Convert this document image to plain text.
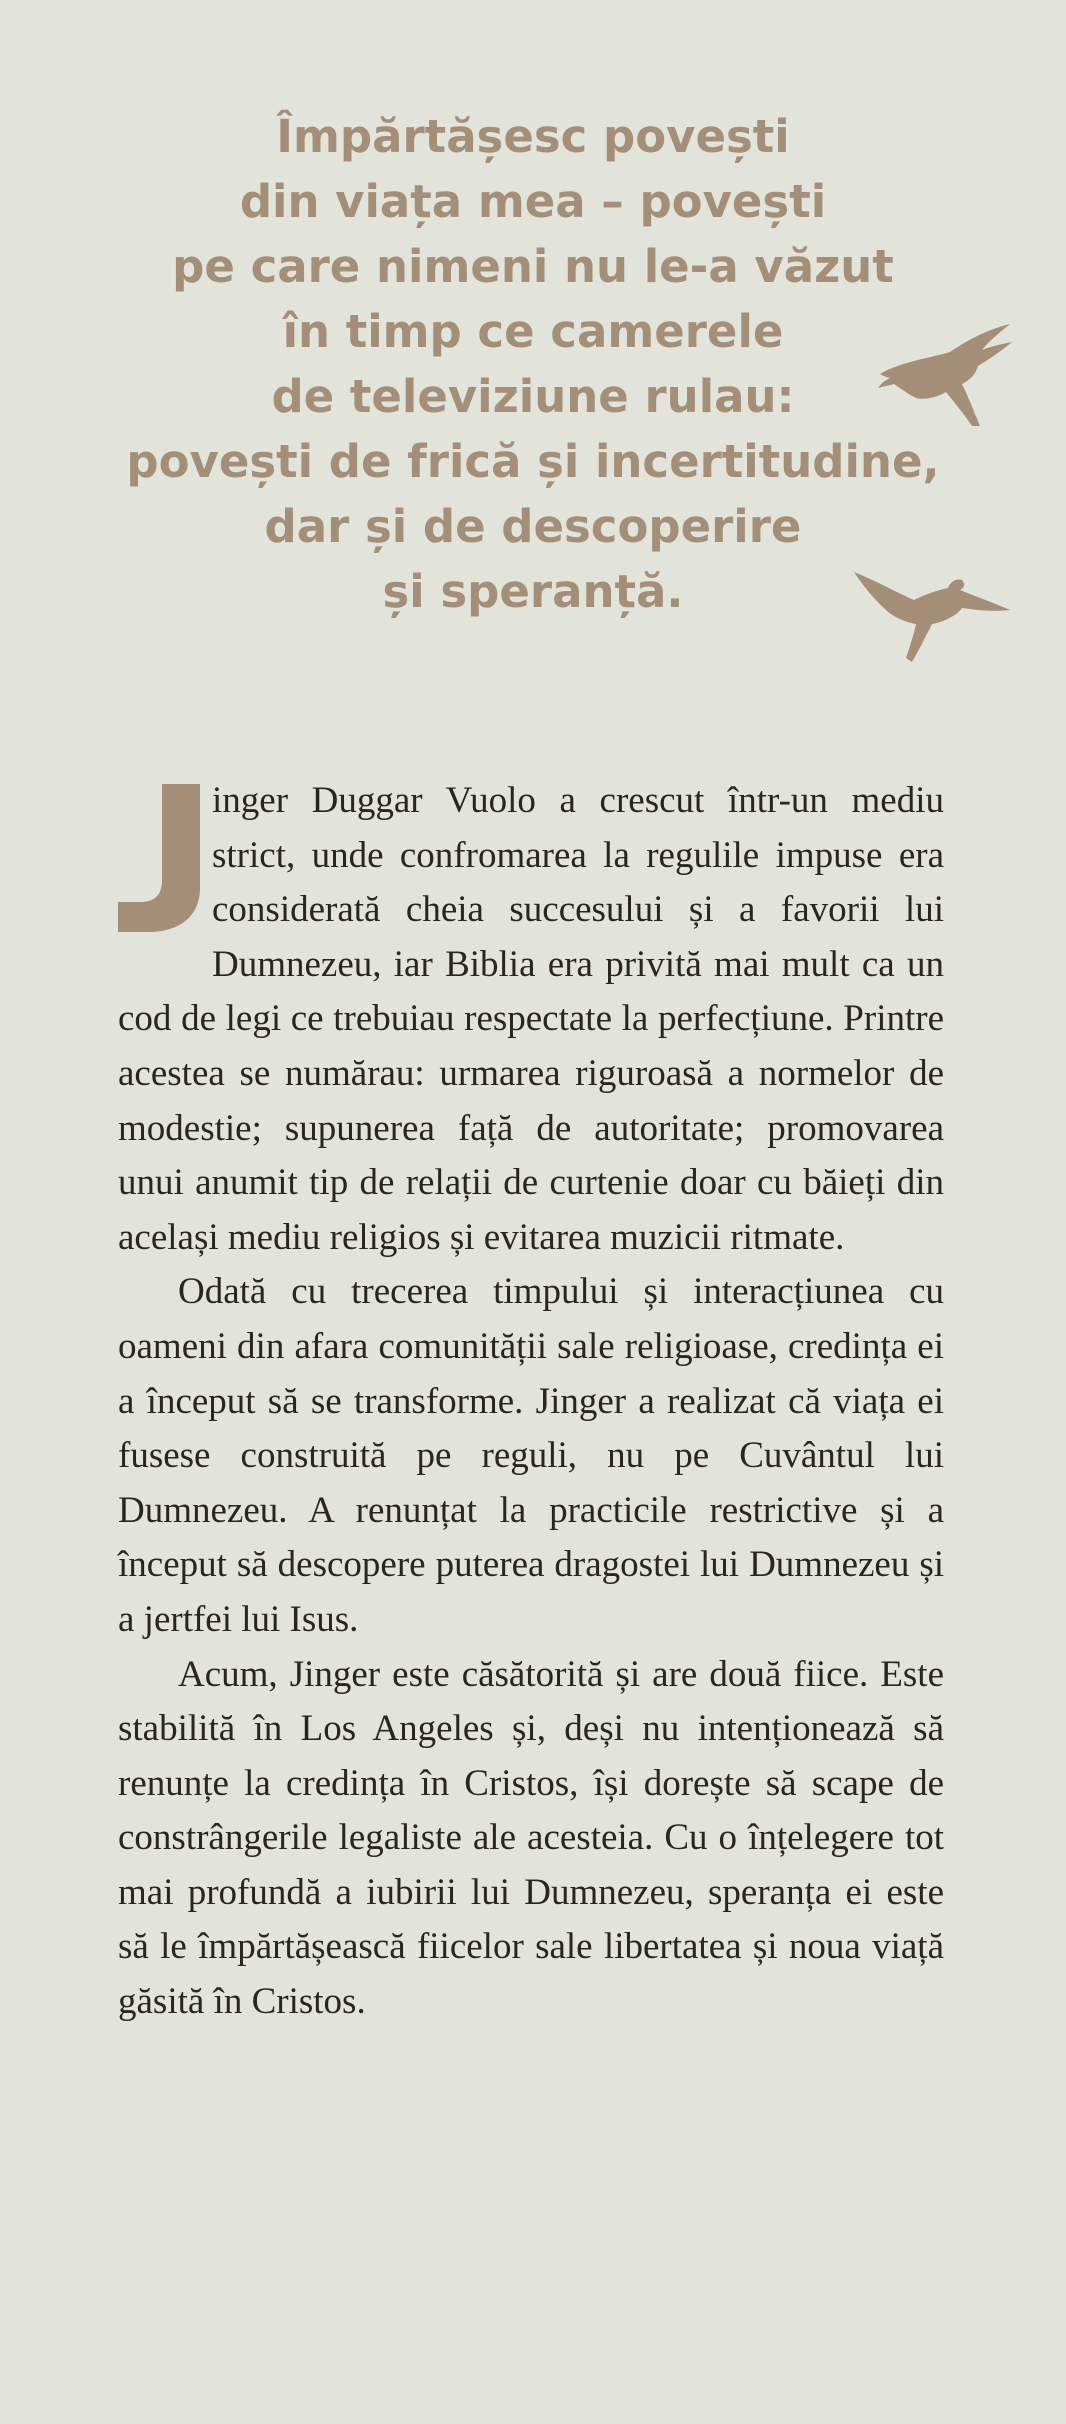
Împărtășesc povești
din viața mea – povești
pe care nimeni nu le-a văzut
în timp ce camerele
de televiziune rulau:
povești de frică și incertitudine,
dar și de descoperire
și speranță.

inger Duggar Vuolo a crescut într-un mediu strict, unde confromarea la regulile impuse era considerată cheia succesului și a favorii lui Dumnezeu, iar Biblia era privită mai mult ca un cod de legi ce trebuiau respectate la perfecțiune. Printre acestea se numărau: urmarea riguroasă a normelor de modestie; supunerea față de autoritate; promovarea unui anumit tip de relații de curtenie doar cu băieți din același mediu religios și evitarea muzicii ritmate.

Odată cu trecerea timpului și interacțiunea cu oameni din afara comunității sale religioase, credința ei a început să se transforme. Jinger a realizat că viața ei fusese construită pe reguli, nu pe Cuvântul lui Dumnezeu. A renunțat la practicile restrictive și a început să descopere puterea dragostei lui Dumnezeu și a jertfei lui Isus.

Acum, Jinger este căsătorită și are două fiice. Este stabilită în Los Angeles și, deși nu intenționează să renunțe la credința în Cristos, își dorește să scape de constrângerile legaliste ale acesteia. Cu o înțelegere tot mai profundă a iubirii lui Dumnezeu, speranța ei este să le împărtășească fiicelor sale libertatea și noua viață găsită în Cristos.
